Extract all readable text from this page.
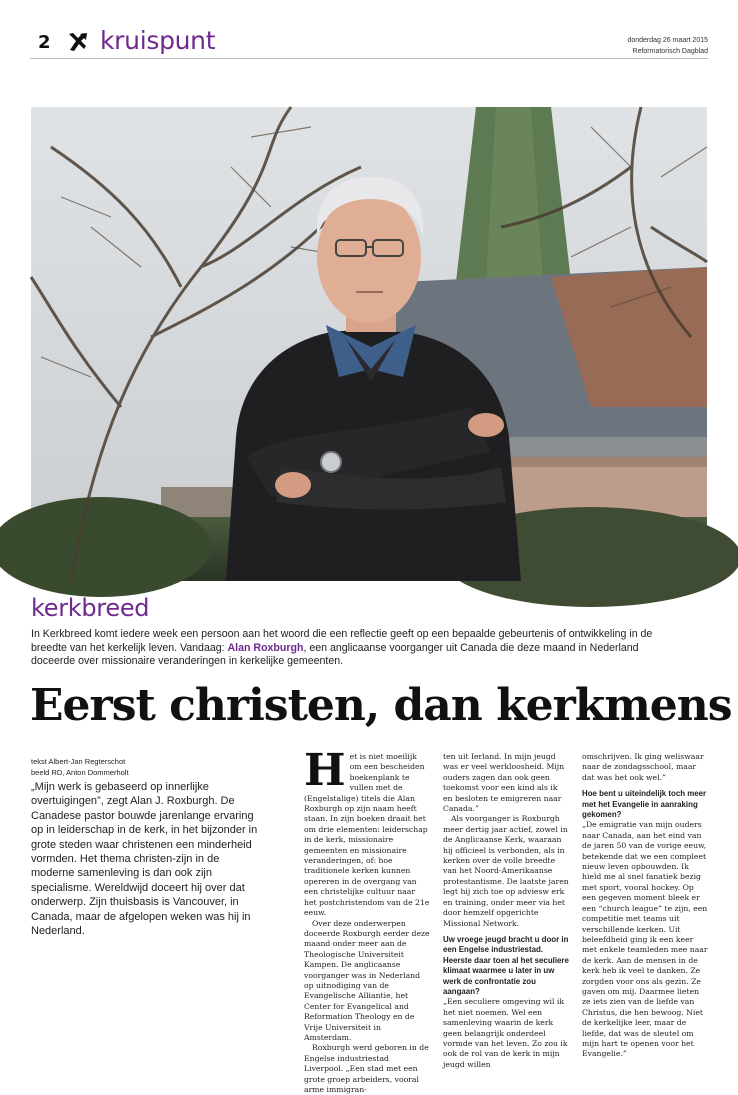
2 kruispunt	donderdag 26 maart 2015
Reformatorisch Dagblad
kerkbreed
In Kerkbreed komt iedere week een persoon aan het woord die een reflectie geeft op een bepaalde gebeurtenis of ontwikkeling in de breedte van het kerkelijk leven. Vandaag: Alan Roxburgh, een anglicaanse voorganger uit Canada die deze maand in Nederland doceerde over missionaire veranderingen in kerkelijke gemeenten.
Eerst christen, dan kerkmens
tekst Albert-Jan Regterschot
beeld RD, Anton Dommerholt
„Mijn werk is gebaseerd op innerlijke overtuigingen”, zegt Alan J. Roxburgh. De Canadese pastor bouwde jarenlange ervaring op in leiderschap in de kerk, in het bijzonder in grote steden waar christenen een minderheid vormden. Het thema christen-zijn in de moderne samenleving is dan ook zijn specialisme. Wereldwijd doceert hij over dat onderwerp. Zijn thuisbasis is Vancouver, in Canada, maar de afgelopen weken was hij in Nederland.

Het is niet moeilijk om een bescheiden boekenplank te vullen met de (Engelstalige) titels die Alan Roxburgh op zijn naam heeft staan. In zijn boeken draait het om drie elementen: leiderschap in de kerk, missionaire gemeenten en missionaire veranderingen, of: hoe traditionele kerken kunnen opereren in de overgang van een christelijke cultuur naar het postchristendom van de 21e eeuw.

Over deze onderwerpen doceerde Roxburgh eerder deze maand onder meer aan de Theologische Universiteit Kampen. De anglicaanse voorganger was in Nederland op uitnodiging van de Evangelische Alliantie, het Center for Evangelical and Reformation Theology en de Vrije Universiteit in Amsterdam.

Roxburgh werd geboren in de Engelse industriestad Liverpool. „Een stad met een grote groep arbeiders, vooral arme immigran-

ten uit Ierland. In mijn jeugd was er veel werkloosheid. Mijn ouders zagen dan ook geen toekomst voor een kind als ik en besloten te emigreren naar Canada.”

Als voorganger is Roxburgh meer dertig jaar actief, zowel in de Anglicaanse Kerk, waaraan hij officieel is verbonden, als in kerken over de volle breedte van het Noord-Amerikaanse protestantisme. De laatste jaren legt hij zich toe op adviesw erk en training, onder meer via het door hemzelf opgerichte Missional Network.

Uw vroege jeugd bracht u door in een Engelse industriestad. Heerste daar toen al het seculiere klimaat waarmee u later in uw werk de confrontatie zou aangaan?

„Een seculiere omgeving wil ik het niet noemen. Wel een samenleving waarin de kerk geen belangrijk onderdeel vormde van het leven. Zo zou ik ook de rol van de kerk in mijn jeugd willen

omschrijven. Ik ging weliswaar naar de zondagsschool, maar dat was het ook wel.”

Hoe bent u uiteindelijk toch meer met het Evangelie in aanraking gekomen?

„De emigratie van mijn ouders naar Canada, aan het eind van de jaren 50 van de vorige eeuw, betekende dat we een compleet nieuw leven opbouwden. Ik hield me al snel fanatiek bezig met sport, vooral hockey. Op een gegeven moment bleek er een “church league” te zijn, een competitie met teams uit verschillende kerken. Uit beleefdheid ging ik een keer met enkele teamleden mee naar de kerk. Aan de mensen in de kerk heb ik veel te danken. Ze zorgden voor ons als gezin. Ze gaven om mij. Daarmee lieten ze iets zien van de liefde van Christus, die hen bewoog. Niet de kerkelijke leer, maar de liefde, dat was de sleutel om mijn hart te openen voor het Evangelie.”
